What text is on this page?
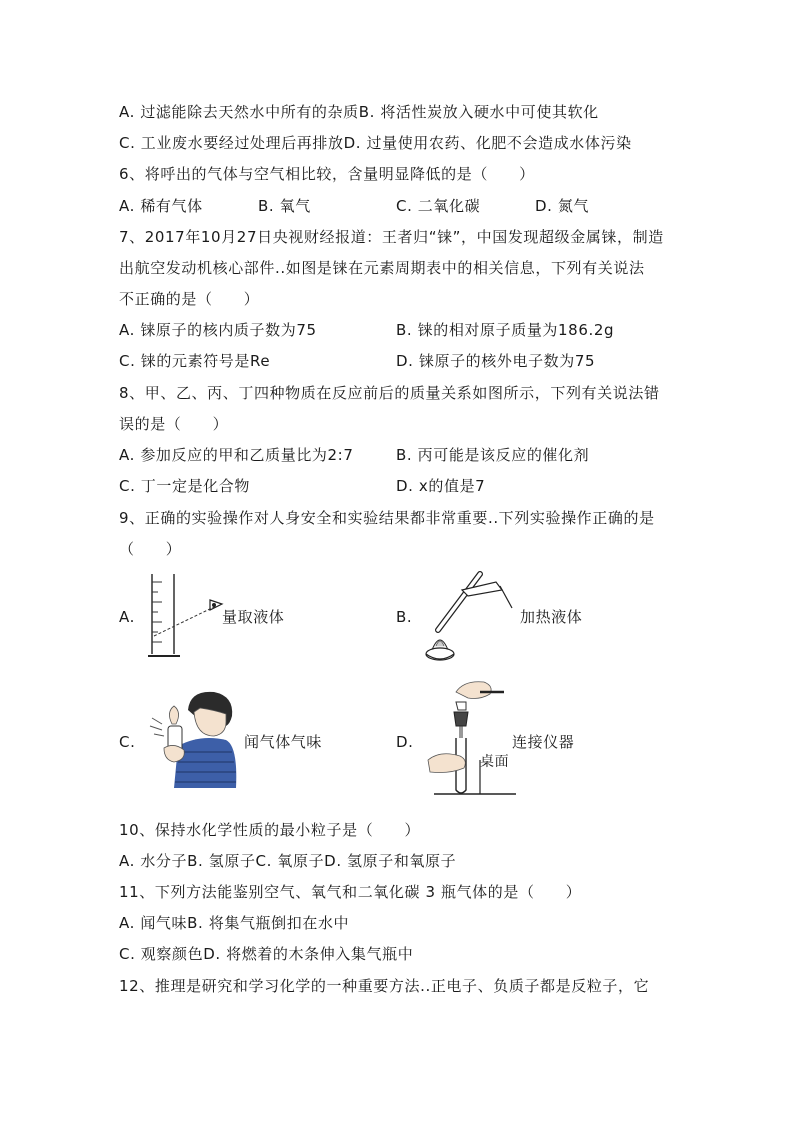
A. 过滤能除去天然水中所有的杂质B. 将活性炭放入硬水中可使其软化
C. 工业废水要经过处理后再排放D. 过量使用农药、化肥不会造成水体污染
6、将呼出的气体与空气相比较，含量明显降低的是（　　）
A. 稀有气体	B. 氧气	C. 二氧化碳	D. 氮气
7、2017年10月27日央视财经报道：王者归“铼”，中国发现超级金属铼，制造
出航空发动机核心部件..如图是铼在元素周期表中的相关信息，下列有关说法
不正确的是（　　）
A. 铼原子的核内质子数为75	B. 铼的相对原子质量为186.2g
C. 铼的元素符号是Re	D. 铼原子的核外电子数为75
8、甲、乙、丙、丁四种物质在反应前后的质量关系如图所示，下列有关说法错
误的是（　　）
A. 参加反应的甲和乙质量比为2:7	B. 丙可能是该反应的催化剂
C. 丁一定是化合物	D. x的值是7
9、正确的实验操作对人身安全和实验结果都非常重要..下列实验操作正确的是
（　　）
A.	量取液体	B.	加热液体
C.	闻气体气味	D.	连接仪器
桌面
10、保持水化学性质的最小粒子是（　　）
A. 水分子B. 氢原子C. 氧原子D. 氢原子和氧原子
11、下列方法能鉴别空气、氧气和二氧化碳 3 瓶气体的是（　　）
A. 闻气味B. 将集气瓶倒扣在水中
C. 观察颜色D. 将燃着的木条伸入集气瓶中
12、推理是研究和学习化学的一种重要方法..正电子、负质子都是反粒子，它
